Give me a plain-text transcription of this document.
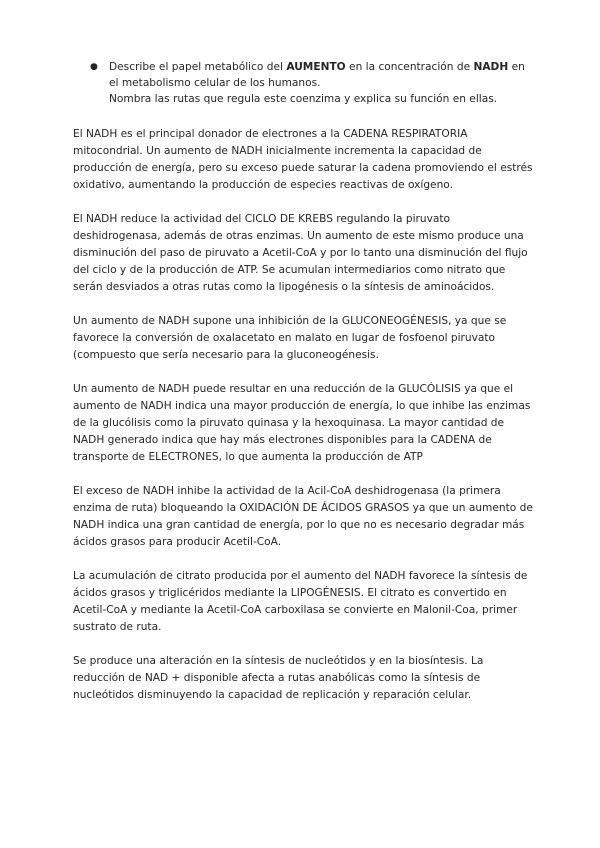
●	Describe el papel metabólico del AUMENTO en la concentración de NADH en el metabolismo celular de los humanos.
Nombra las rutas que regula este coenzima y explica su función en ellas.

El NADH es el principal donador de electrones a la CADENA RESPIRATORIA mitocondrial. Un aumento de NADH inicialmente incrementa la capacidad de producción de energía, pero su exceso puede saturar la cadena promoviendo el estrés oxidativo, aumentando la producción de especies reactivas de oxígeno.

El NADH reduce la actividad del CICLO DE KREBS regulando la piruvato deshidrogenasa, además de otras enzimas. Un aumento de este mismo produce una disminución del paso de piruvato a Acetil-CoA y por lo tanto una disminución del flujo del ciclo y de la producción de ATP. Se acumulan intermediarios como nitrato que serán desviados a otras rutas como la lipogénesis o la síntesis de aminoácidos.

Un aumento de NADH supone una inhibición de la GLUCONEOGÉNESIS, ya que se favorece la conversión de oxalacetato en malato en lugar de fosfoenol piruvato (compuesto que sería necesario para la gluconeogénesis.

Un aumento de NADH puede resultar en una reducción de la GLUCÓLISIS ya que el aumento de NADH indica una mayor producción de energía, lo que inhibe las enzimas de la glucólisis como la piruvato quinasa y la hexoquinasa. La mayor cantidad de NADH generado indica que hay más electrones disponibles para la CADENA de transporte de ELECTRONES, lo que aumenta la producción de ATP

El exceso de NADH inhibe la actividad de la Acil-CoA deshidrogenasa (la primera enzima de ruta) bloqueando la OXIDACIÓN DE ÁCIDOS GRASOS ya que un aumento de NADH indica una gran cantidad de energía, por lo que no es necesario degradar más ácidos grasos para producir Acetil-CoA.

La acumulación de citrato producida por el aumento del NADH favorece la síntesis de ácidos grasos y triglicéridos mediante la LIPOGÉNESIS. El citrato es convertido en Acetil-CoA y mediante la Acetil-CoA carboxilasa se convierte en Malonil-Coa, primer sustrato de ruta.

Se produce una alteración en la síntesis de nucleótidos y en la biosíntesis. La reducción de NAD + disponible afecta a rutas anabólicas como la síntesis de nucleótidos disminuyendo la capacidad de replicación y reparación celular.
